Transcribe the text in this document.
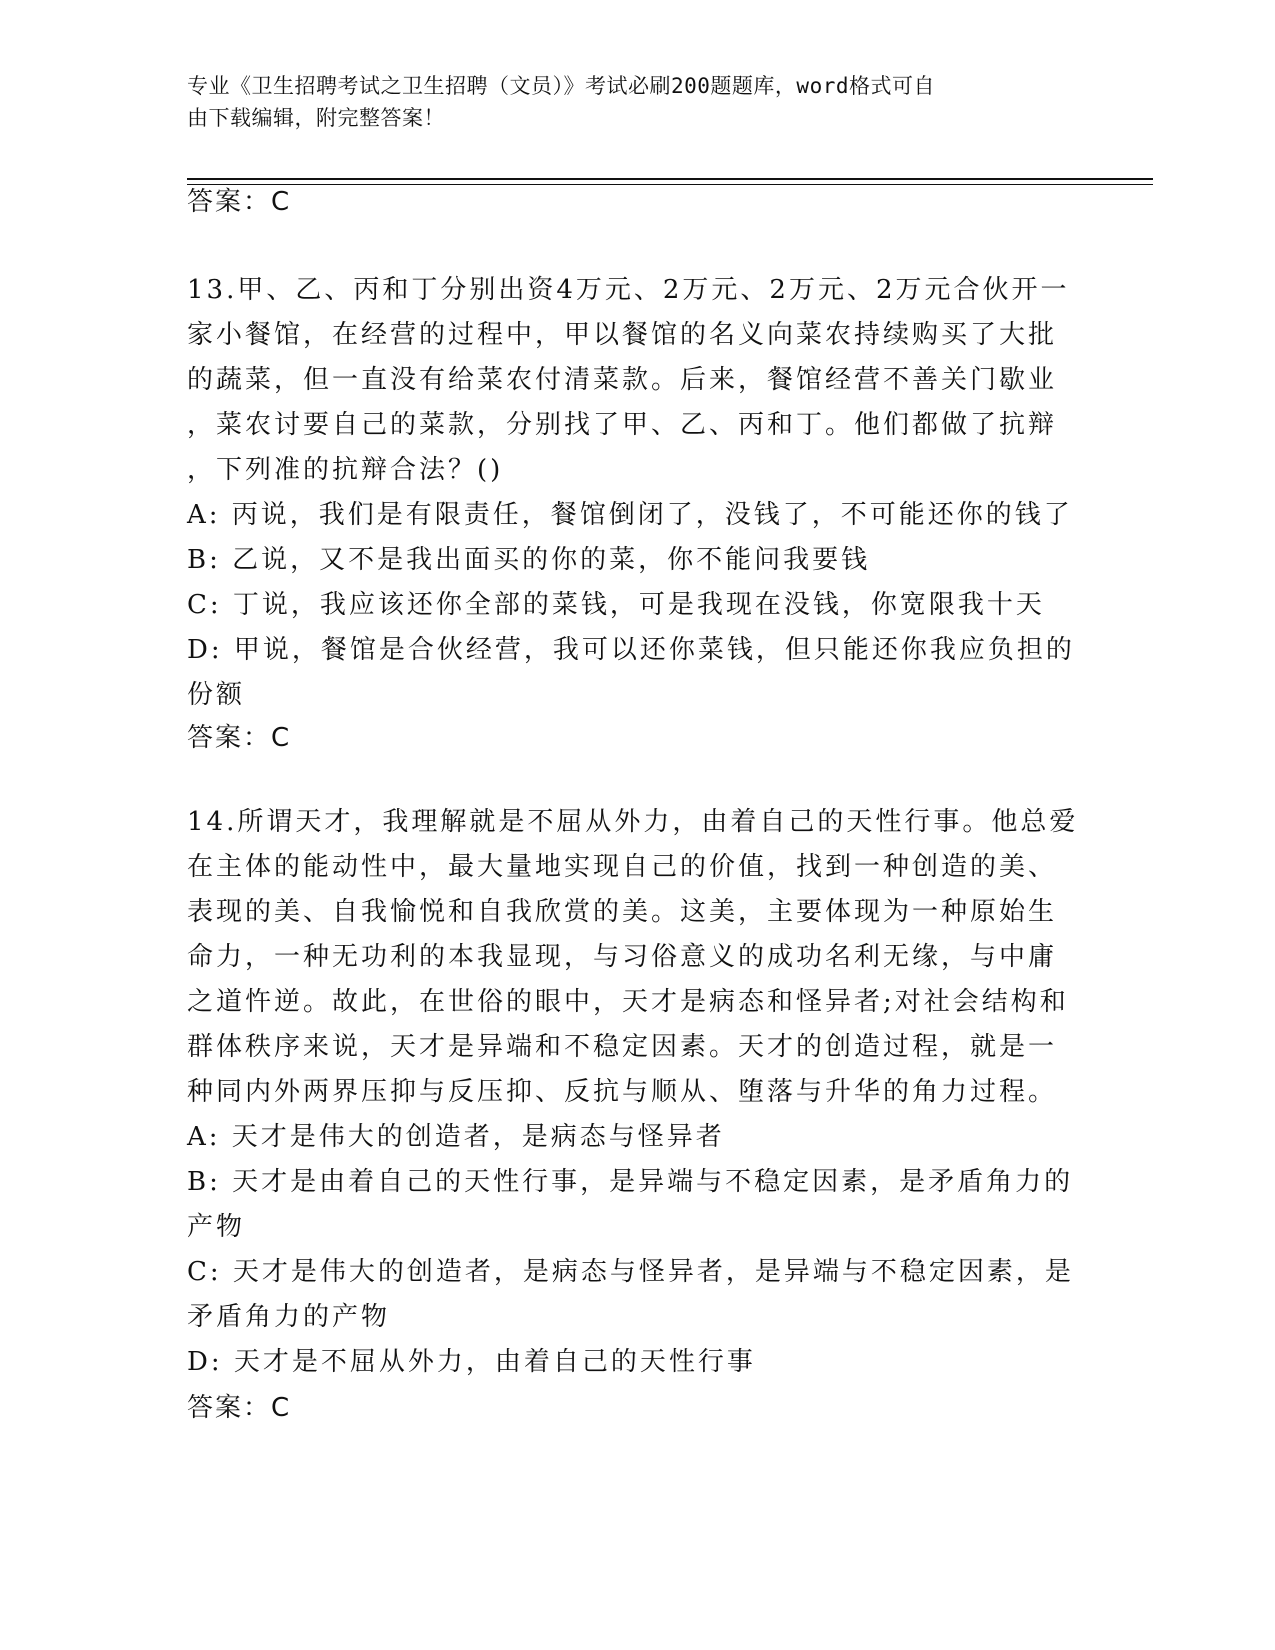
专业《卫生招聘考试之卫生招聘（文员）》考试必刷200题题库，word格式可自
由下载编辑，附完整答案！
答案：C
13.甲、乙、丙和丁分别出资4万元、2万元、2万元、2万元合伙开一
家小餐馆，在经营的过程中，甲以餐馆的名义向菜农持续购买了大批
的蔬菜，但一直没有给菜农付清菜款。后来，餐馆经营不善关门歇业
，菜农讨要自己的菜款，分别找了甲、乙、丙和丁。他们都做了抗辩
，下列准的抗辩合法？()
A: 丙说，我们是有限责任，餐馆倒闭了，没钱了，不可能还你的钱了
B: 乙说，又不是我出面买的你的菜，你不能问我要钱
C: 丁说，我应该还你全部的菜钱，可是我现在没钱，你宽限我十天
D: 甲说，餐馆是合伙经营，我可以还你菜钱，但只能还你我应负担的
份额
答案：C
14.所谓天才，我理解就是不屈从外力，由着自己的天性行事。他总爱
在主体的能动性中，最大量地实现自己的价值，找到一种创造的美、
表现的美、自我愉悦和自我欣赏的美。这美，主要体现为一种原始生
命力，一种无功利的本我显现，与习俗意义的成功名利无缘，与中庸
之道忤逆。故此，在世俗的眼中，天才是病态和怪异者;对社会结构和
群体秩序来说，天才是异端和不稳定因素。天才的创造过程，就是一
种同内外两界压抑与反压抑、反抗与顺从、堕落与升华的角力过程。
A: 天才是伟大的创造者，是病态与怪异者
B: 天才是由着自己的天性行事，是异端与不稳定因素，是矛盾角力的
产物
C: 天才是伟大的创造者，是病态与怪异者，是异端与不稳定因素，是
矛盾角力的产物
D: 天才是不屈从外力，由着自己的天性行事
答案：C
